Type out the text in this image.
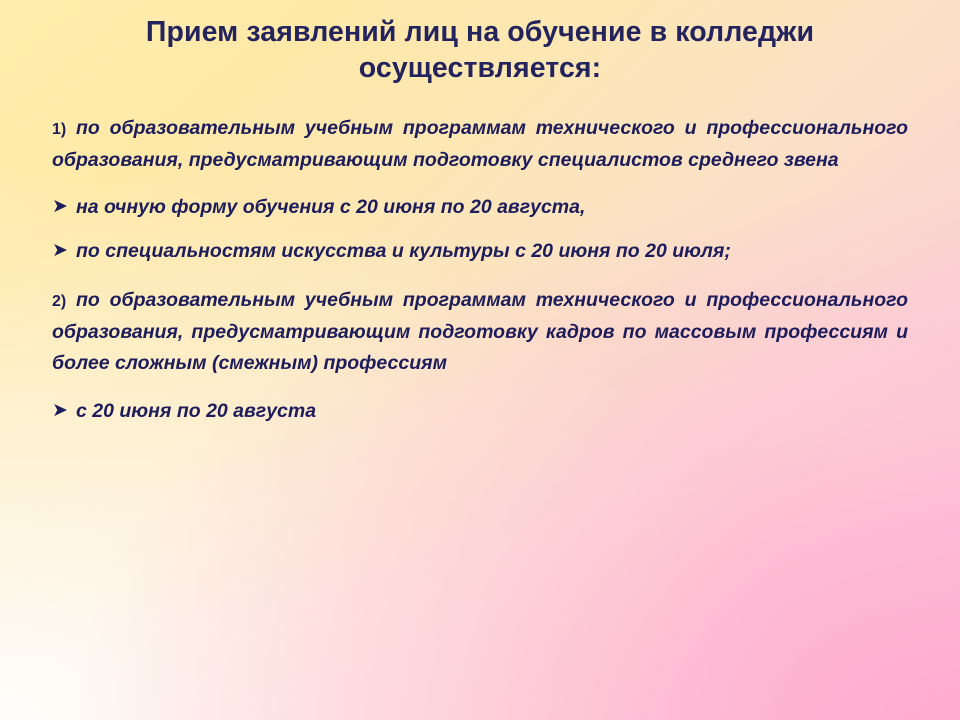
Прием заявлений лиц на обучение в колледжи
осуществляется:

1) по образовательным учебным программам технического и профессионального образования, предусматривающим подготовку специалистов среднего звена

➤ на очную форму обучения с 20 июня по 20 августа,

➤ по специальностям искусства и культуры с 20 июня по 20 июля;

2) по образовательным учебным программам технического и профессионального образования, предусматривающим подготовку кадров по массовым профессиям и более сложным (смежным) профессиям

➤ с 20 июня по 20 августа
